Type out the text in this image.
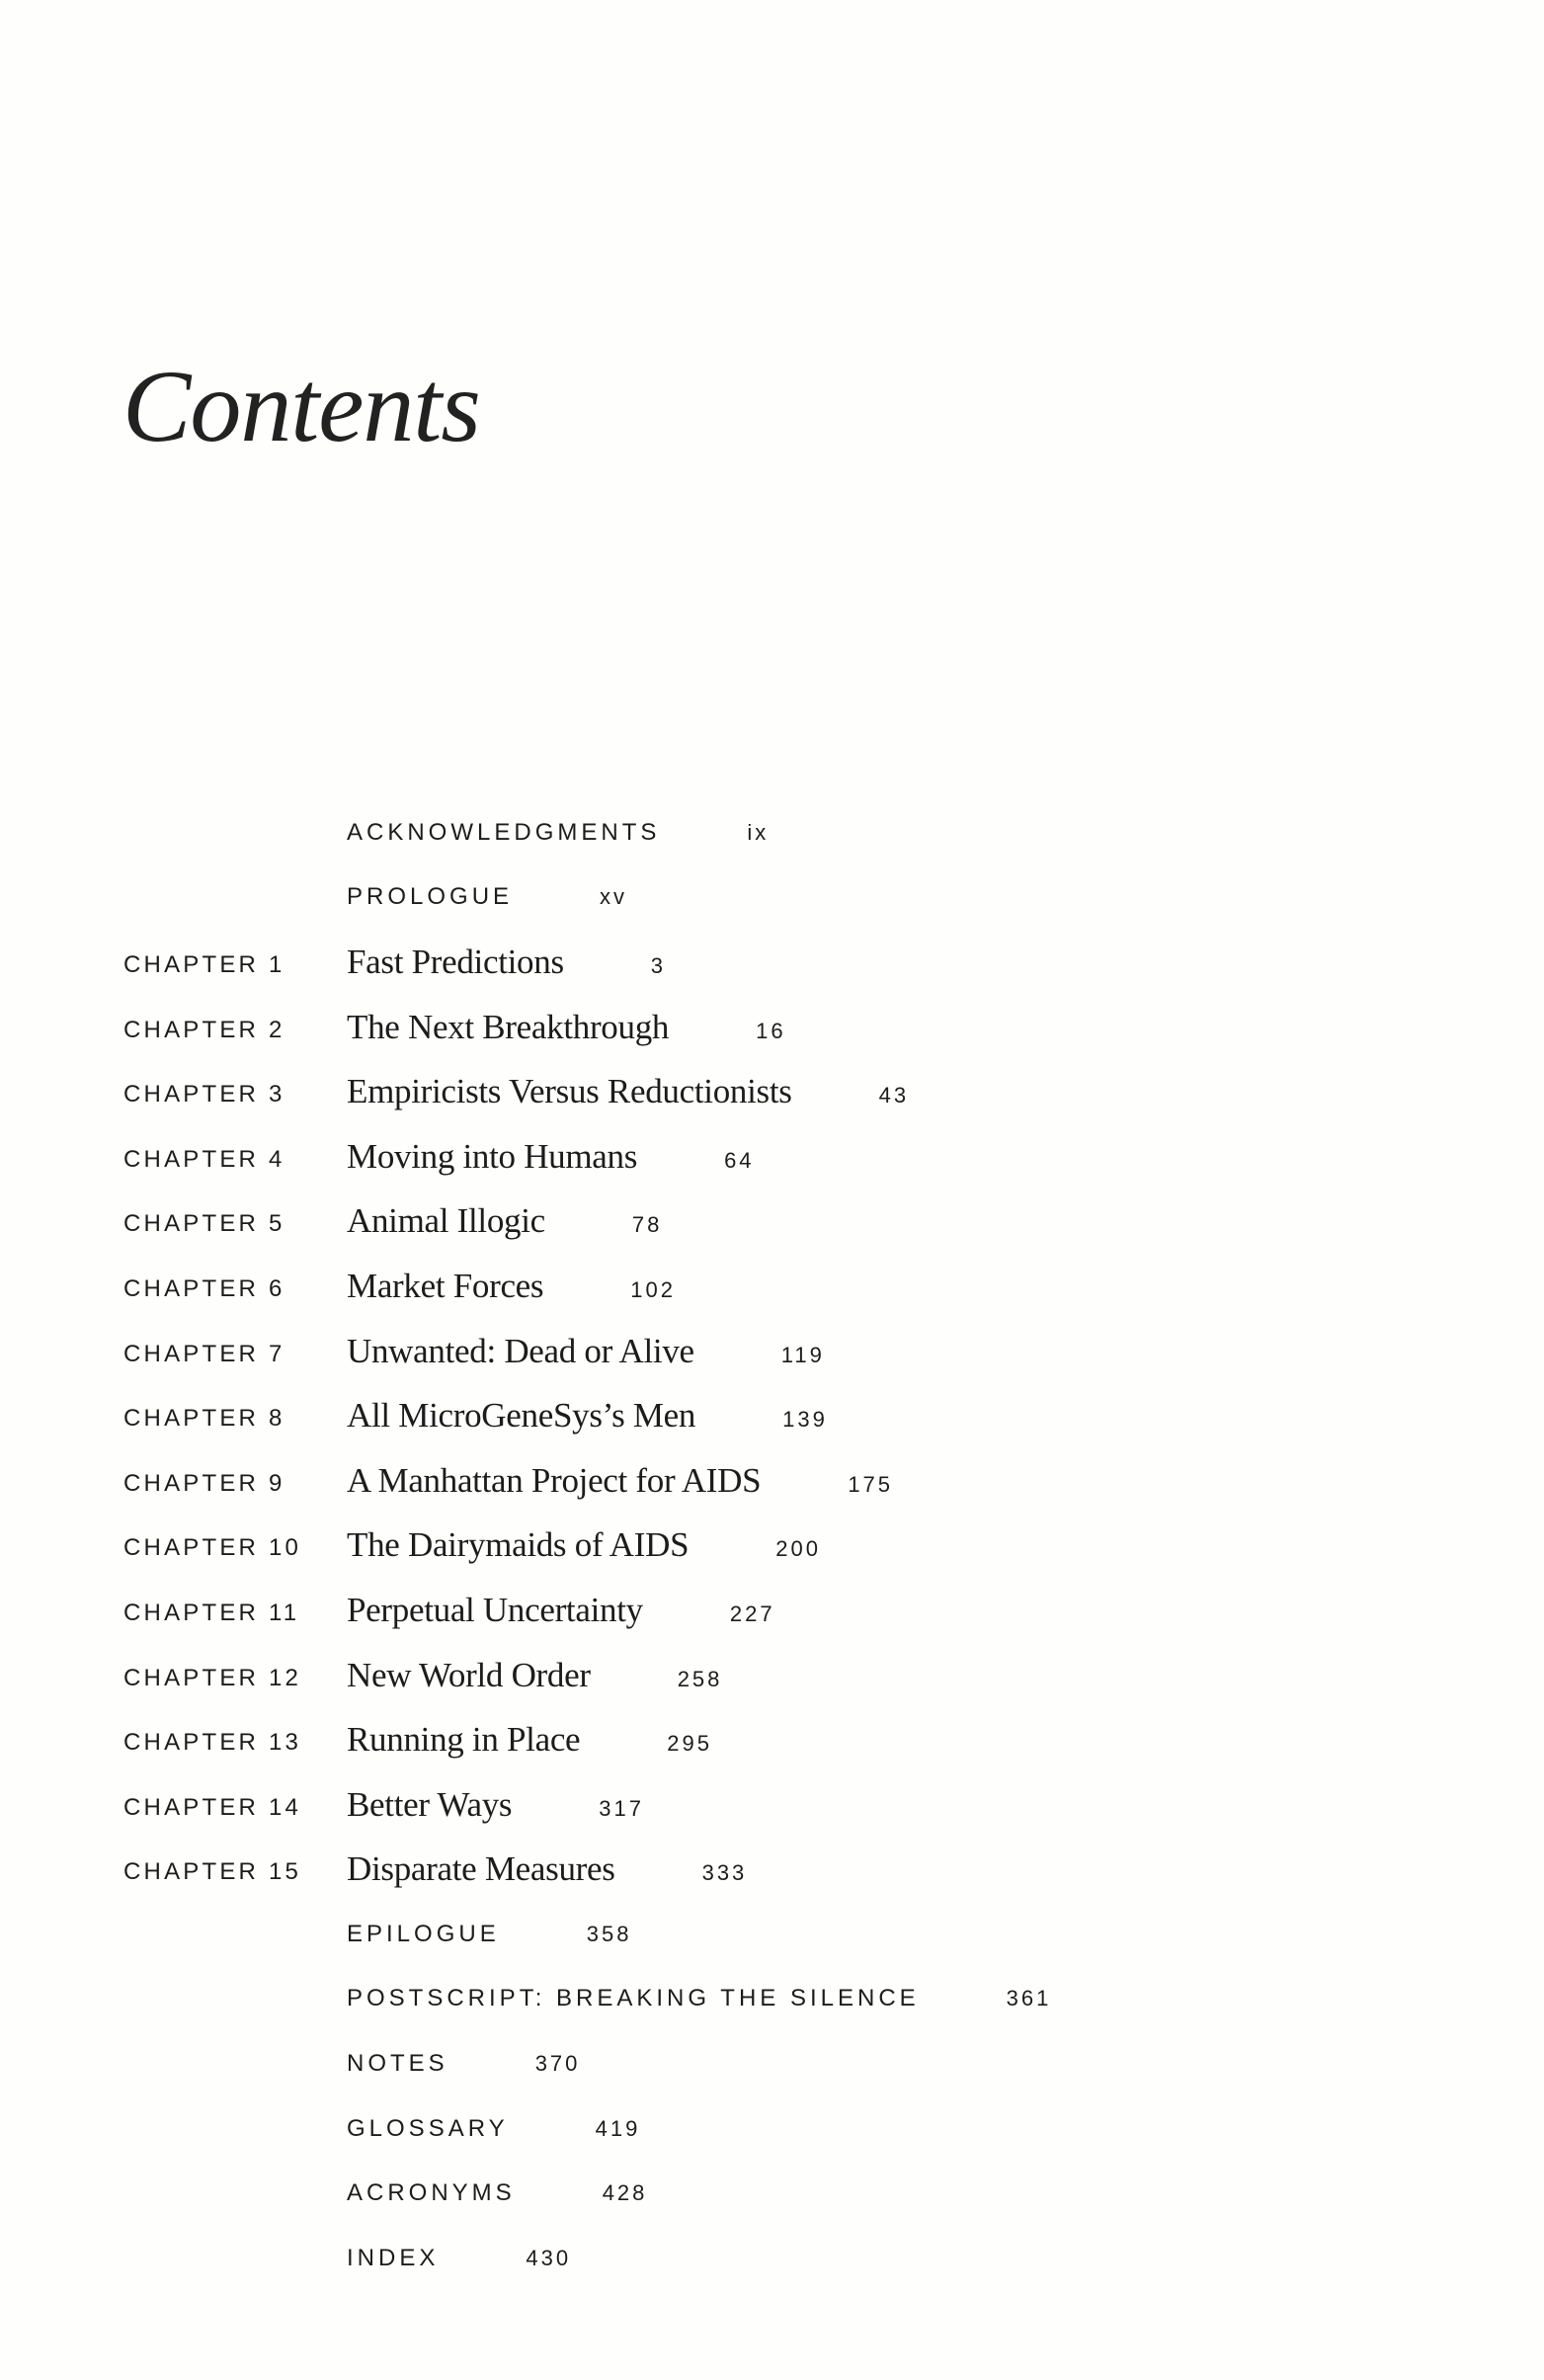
Contents
ACKNOWLEDGMENTS	ix
PROLOGUE	xv
CHAPTER 1 Fast Predictions	3
CHAPTER 2 The Next Breakthrough	16
CHAPTER 3 Empiricists Versus Reductionists	43
CHAPTER 4 Moving into Humans	64
CHAPTER 5 Animal Illogic	78
CHAPTER 6 Market Forces	102
CHAPTER 7 Unwanted: Dead or Alive	119
CHAPTER 8 All MicroGeneSys’s Men	139
CHAPTER 9 A Manhattan Project for AIDS	175
CHAPTER 10 The Dairymaids of AIDS	200
CHAPTER 11 Perpetual Uncertainty	227
CHAPTER 12 New World Order	258
CHAPTER 13 Running in Place	295
CHAPTER 14 Better Ways	317
CHAPTER 15 Disparate Measures	333
EPILOGUE	358
POSTSCRIPT: BREAKING THE SILENCE	361
NOTES	370
GLOSSARY	419
ACRONYMS	428
INDEX	430
